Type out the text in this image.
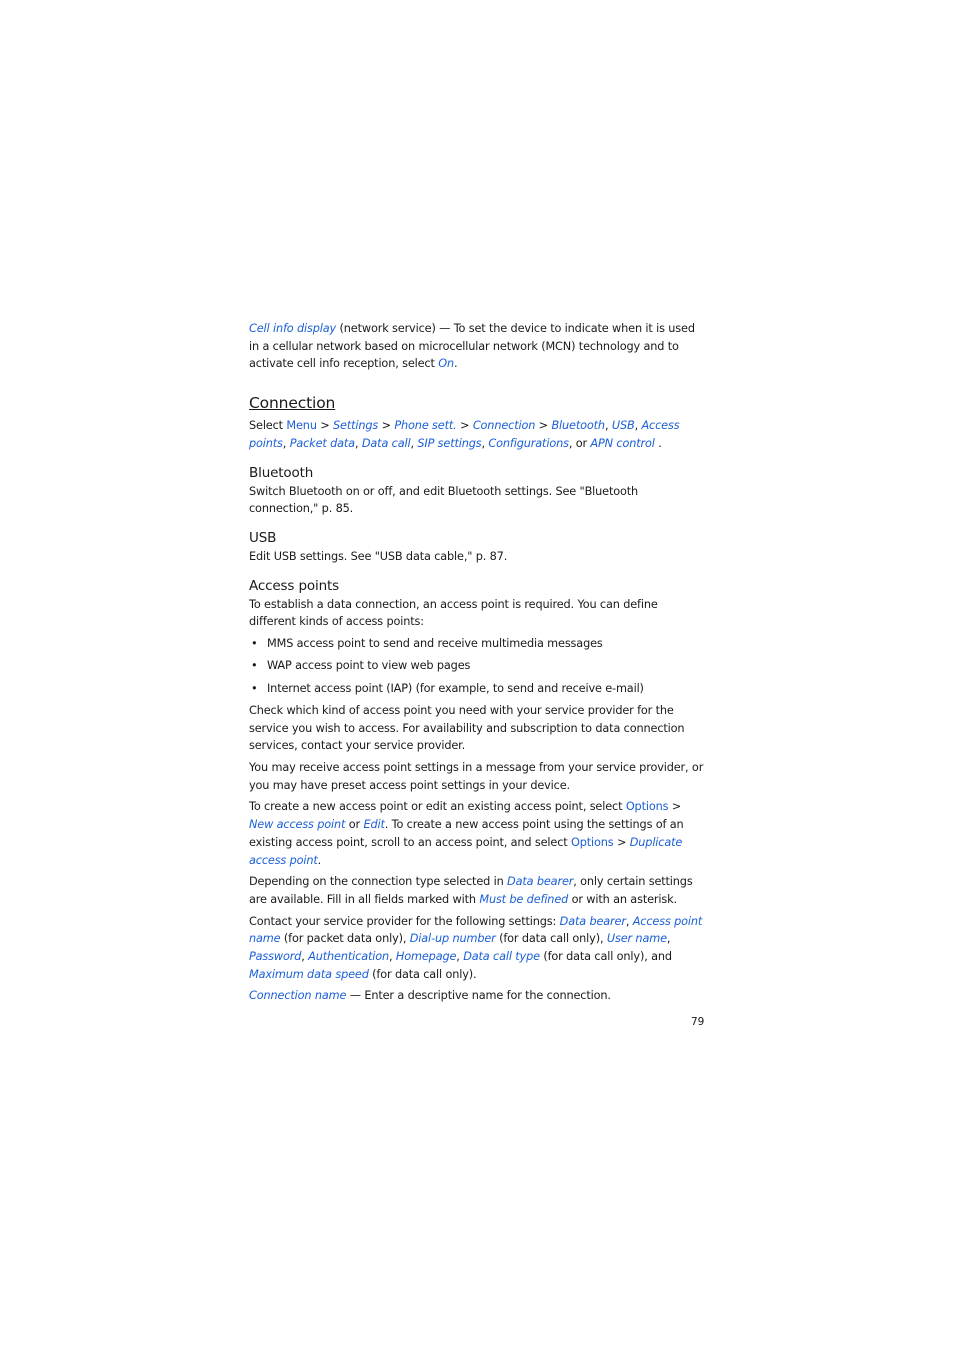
Cell info display (network service) — To set the device to indicate when it is used in a cellular network based on microcellular network (MCN) technology and to activate cell info reception, select On.

Connection

Select Menu > Settings > Phone sett. > Connection > Bluetooth, USB, Access points, Packet data, Data call, SIP settings, Configurations, or APN control .

Bluetooth

Switch Bluetooth on or off, and edit Bluetooth settings. See "Bluetooth connection," p. 85.

USB

Edit USB settings. See "USB data cable," p. 87.

Access points

To establish a data connection, an access point is required. You can define different kinds of access points:

• MMS access point to send and receive multimedia messages
• WAP access point to view web pages
• Internet access point (IAP) (for example, to send and receive e-mail)

Check which kind of access point you need with your service provider for the service you wish to access. For availability and subscription to data connection services, contact your service provider.

You may receive access point settings in a message from your service provider, or you may have preset access point settings in your device.

To create a new access point or edit an existing access point, select Options > New access point or Edit. To create a new access point using the settings of an existing access point, scroll to an access point, and select Options > Duplicate access point.

Depending on the connection type selected in Data bearer, only certain settings are available. Fill in all fields marked with Must be defined or with an asterisk.

Contact your service provider for the following settings: Data bearer, Access point name (for packet data only), Dial-up number (for data call only), User name, Password, Authentication, Homepage, Data call type (for data call only), and Maximum data speed (for data call only).

Connection name — Enter a descriptive name for the connection.

79
